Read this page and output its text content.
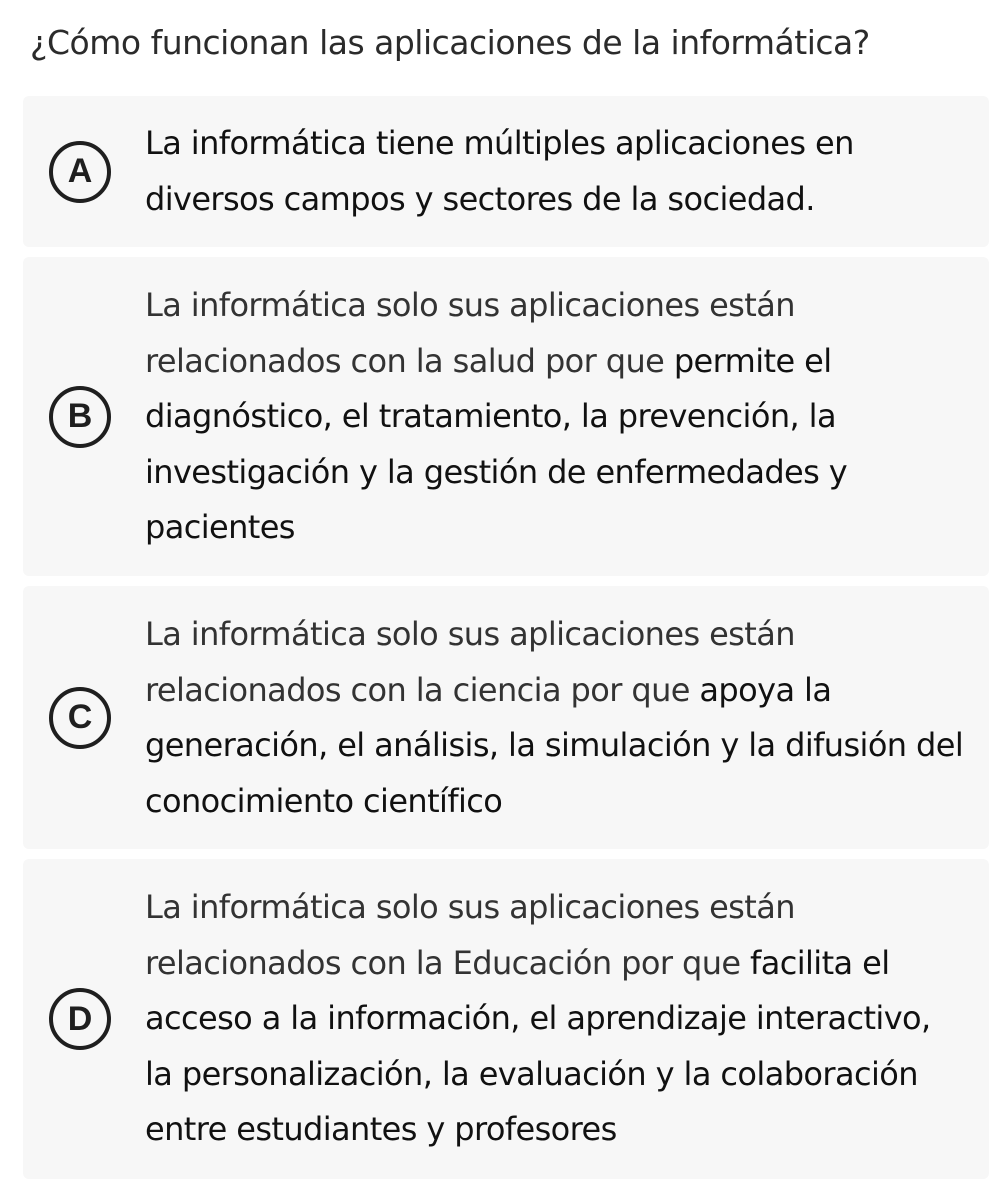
¿Cómo funcionan las aplicaciones de la informática?
A
La informática tiene múltiples aplicaciones en diversos campos y sectores de la sociedad.
B
La informática solo sus aplicaciones están relacionados con la salud por que permite el diagnóstico, el tratamiento, la prevención, la investigación y la gestión de enfermedades y pacientes
C
La informática solo sus aplicaciones están relacionados con la ciencia por que apoya la generación, el análisis, la simulación y la difusión del conocimiento científico
D
La informática solo sus aplicaciones están relacionados con la Educación por que facilita el acceso a la información, el aprendizaje interactivo, la personalización, la evaluación y la colaboración entre estudiantes y profesores
